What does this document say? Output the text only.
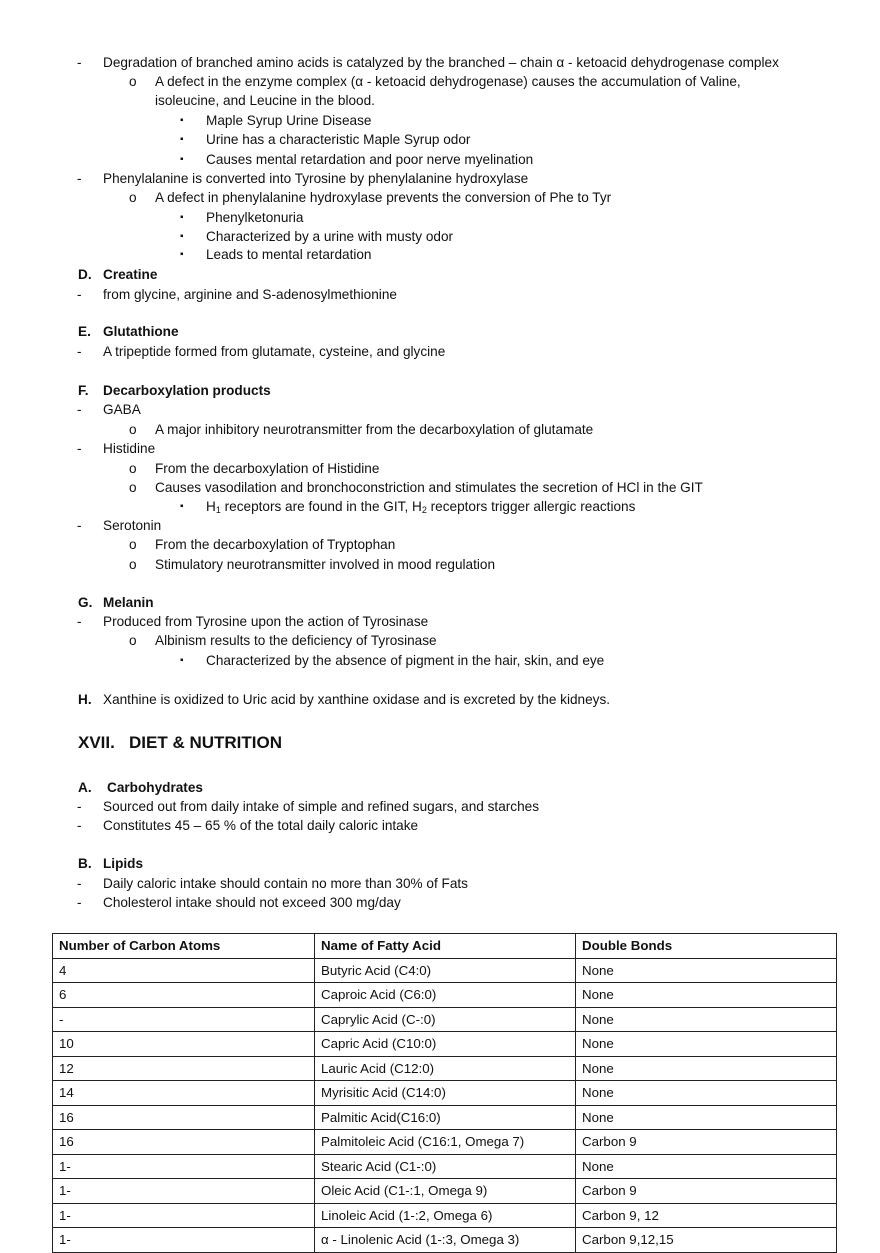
- Degradation of branched amino acids is catalyzed by the branched – chain α - ketoacid dehydrogenase complex
o A defect in the enzyme complex (α - ketoacid dehydrogenase) causes the accumulation of Valine,
isoleucine, and Leucine in the blood.
▪ Maple Syrup Urine Disease
▪ Urine has a characteristic Maple Syrup odor
▪ Causes mental retardation and poor nerve myelination
- Phenylalanine is converted into Tyrosine by phenylalanine hydroxylase
o A defect in phenylalanine hydroxylase prevents the conversion of Phe to Tyr
▪ Phenylketonuria
▪ Characterized by a urine with musty odor
▪ Leads to mental retardation
D. Creatine
- from glycine, arginine and S-adenosylmethionine
E. Glutathione
- A tripeptide formed from glutamate, cysteine, and glycine
F. Decarboxylation products
- GABA
o A major inhibitory neurotransmitter from the decarboxylation of glutamate
- Histidine
o From the decarboxylation of Histidine
o Causes vasodilation and bronchoconstriction and stimulates the secretion of HCl in the GIT
▪ $H_1$ receptors are found in the GIT, $H_2$ receptors trigger allergic reactions
- Serotonin
o From the decarboxylation of Tryptophan
o Stimulatory neurotransmitter involved in mood regulation
G. Melanin
- Produced from Tyrosine upon the action of Tyrosinase
o Albinism results to the deficiency of Tyrosinase
▪ Characterized by the absence of pigment in the hair, skin, and eye
H. Xanthine is oxidized to Uric acid by xanthine oxidase and is excreted by the kidneys.
XVII.   DIET & NUTRITION
A. Carbohydrates
- Sourced out from daily intake of simple and refined sugars, and starches
- Constitutes 45 – 65 % of the total daily caloric intake
B. Lipids
- Daily caloric intake should contain no more than 30% of Fats
- Cholesterol intake should not exceed 300 mg/day
Number of Carbon Atoms	Name of Fatty Acid	Double Bonds
4	Butyric Acid (C4:0)	None
6	Caproic Acid (C6:0)	None
-	Caprylic Acid (C-:0)	None
10	Capric Acid (C10:0)	None
12	Lauric Acid (C12:0)	None
14	Myrisitic Acid (C14:0)	None
16	Palmitic Acid(C16:0)	None
16	Palmitoleic Acid (C16:1, Omega 7)	Carbon 9
1-	Stearic Acid (C1-:0)	None
1-	Oleic Acid (C1-:1, Omega 9)	Carbon 9
1-	Linoleic Acid (1-:2, Omega 6)	Carbon 9, 12
1-	α - Linolenic Acid (1-:3, Omega 3)	Carbon 9,12,15
